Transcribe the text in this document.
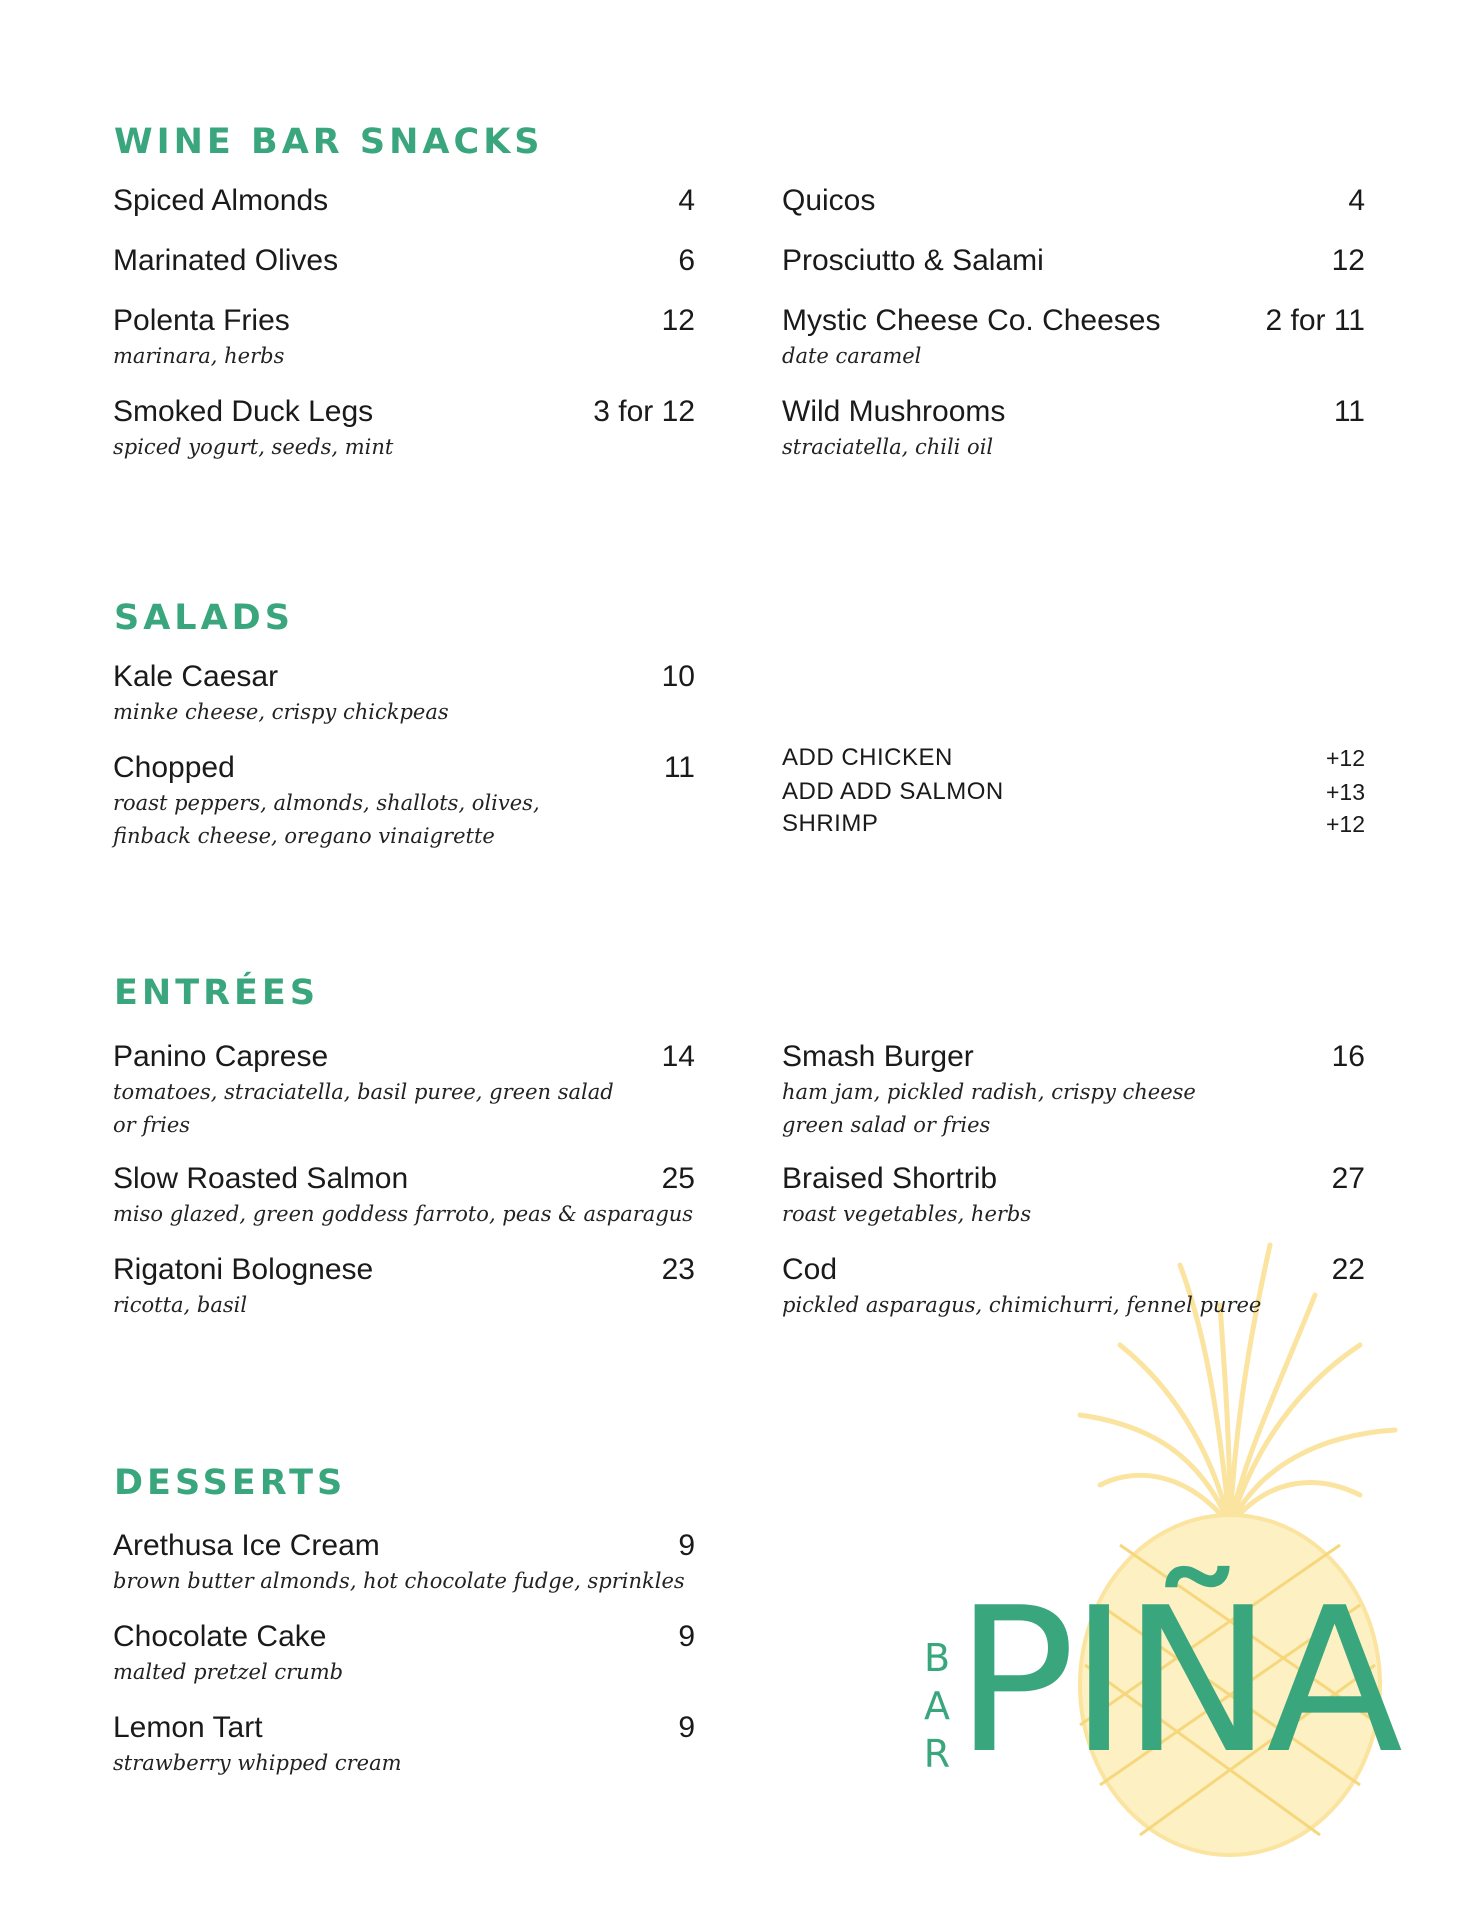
B
A
R PIÑA
WINE BAR SNACKS
Spiced Almonds	4
Marinated Olives	6
Polenta Fries	12
marinara, herbs
Smoked Duck Legs	3 for 12
spiced yogurt, seeds, mint
Quicos	4
Prosciutto & Salami	12
Mystic Cheese Co. Cheeses	2 for 11
date caramel
Wild Mushrooms	11
straciatella, chili oil
SALADS
Kale Caesar	10
minke cheese, crispy chickpeas
Chopped	11
roast peppers, almonds, shallots, olives,
finback cheese, oregano vinaigrette
ADD CHICKEN	+12
ADD ADD SALMON	+13
SHRIMP	+12
ENTRÉES
Panino Caprese	14
tomatoes, straciatella, basil puree, green salad
or fries
Slow Roasted Salmon	25
miso glazed, green goddess farroto, peas & asparagus
Rigatoni Bolognese	23
ricotta, basil
Smash Burger	16
ham jam, pickled radish, crispy cheese
green salad or fries
Braised Shortrib	27
roast vegetables, herbs
Cod	22
pickled asparagus, chimichurri, fennel puree
DESSERTS
Arethusa Ice Cream	9
brown butter almonds, hot chocolate fudge, sprinkles
Chocolate Cake	9
malted pretzel crumb
Lemon Tart	9
strawberry whipped cream
